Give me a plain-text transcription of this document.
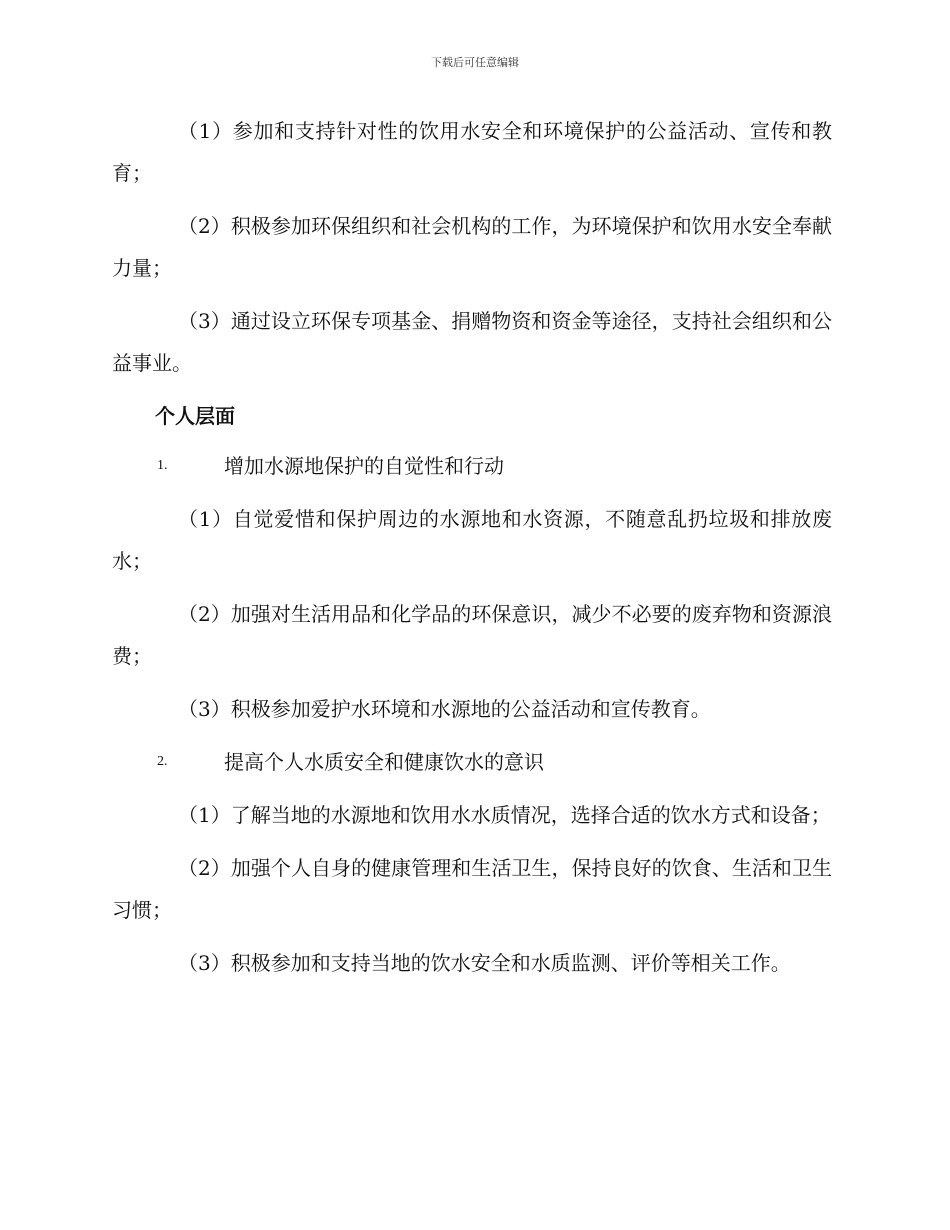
下载后可任意编辑

（1）参加和支持针对性的饮用水安全和环境保护的公益活动、宣传和教育；

（2）积极参加环保组织和社会机构的工作，为环境保护和饮用水安全奉献力量；

（3）通过设立环保专项基金、捐赠物资和资金等途径，支持社会组织和公益事业。

个人层面
1.	增加水源地保护的自觉性和行动

（1）自觉爱惜和保护周边的水源地和水资源，不随意乱扔垃圾和排放废水；

（2）加强对生活用品和化学品的环保意识，减少不必要的废弃物和资源浪费；

（3）积极参加爱护水环境和水源地的公益活动和宣传教育。

2.	提高个人水质安全和健康饮水的意识

（1）了解当地的水源地和饮用水水质情况，选择合适的饮水方式和设备；

（2）加强个人自身的健康管理和生活卫生，保持良好的饮食、生活和卫生习惯；

（3）积极参加和支持当地的饮水安全和水质监测、评价等相关工作。
